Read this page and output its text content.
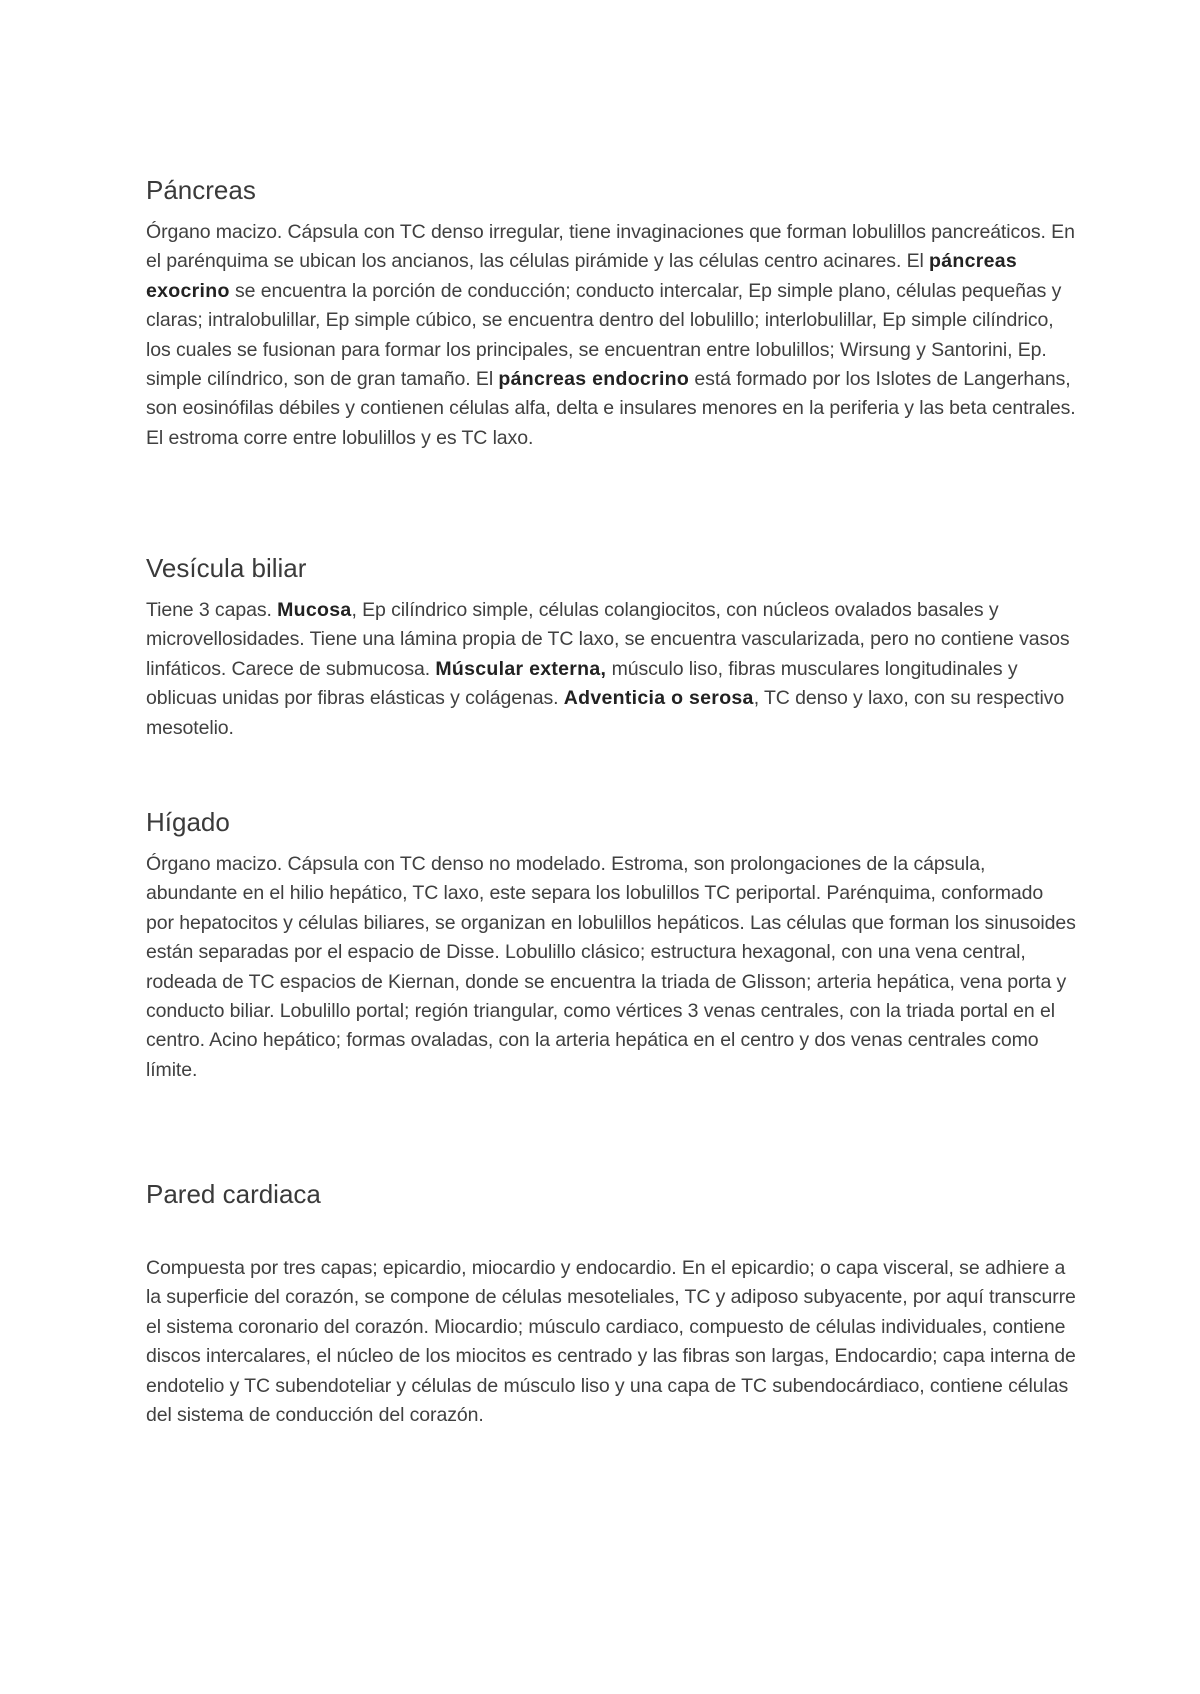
Páncreas

Órgano macizo. Cápsula con TC denso irregular, tiene invaginaciones que forman lobulillos pancreáticos. En el parénquima se ubican los ancianos, las células pirámide y las células centro acinares. El páncreas exocrino se encuentra la porción de conducción; conducto intercalar, Ep simple plano, células pequeñas y claras; intralobulillar, Ep simple cúbico, se encuentra dentro del lobulillo; interlobulillar, Ep simple cilíndrico, los cuales se fusionan para formar los principales, se encuentran entre lobulillos; Wirsung y Santorini, Ep. simple cilíndrico, son de gran tamaño. El páncreas endocrino está formado por los Islotes de Langerhans, son eosinófilas débiles y contienen células alfa, delta e insulares menores en la periferia y las beta centrales. El estroma corre entre lobulillos y es TC laxo.

Vesícula biliar

Tiene 3 capas. Mucosa, Ep cilíndrico simple, células colangiocitos, con núcleos ovalados basales y microvellosidades. Tiene una lámina propia de TC laxo, se encuentra vascularizada, pero no contiene vasos linfáticos. Carece de submucosa. Múscular externa, músculo liso, fibras musculares longitudinales y oblicuas unidas por fibras elásticas y colágenas. Adventicia o serosa, TC denso y laxo, con su respectivo mesotelio.

Hígado

Órgano macizo. Cápsula con TC denso no modelado. Estroma, son prolongaciones de la cápsula, abundante en el hilio hepático, TC laxo, este separa los lobulillos TC periportal. Parénquima, conformado por hepatocitos y células biliares, se organizan en lobulillos hepáticos. Las células que forman los sinusoides están separadas por el espacio de Disse. Lobulillo clásico; estructura hexagonal, con una vena central, rodeada de TC espacios de Kiernan, donde se encuentra la triada de Glisson; arteria hepática, vena porta y conducto biliar. Lobulillo portal; región triangular, como vértices 3 venas centrales, con la triada portal en el centro. Acino hepático; formas ovaladas, con la arteria hepática en el centro y dos venas centrales como límite.

Pared cardiaca

Compuesta por tres capas; epicardio, miocardio y endocardio. En el epicardio; o capa visceral, se adhiere a la superficie del corazón, se compone de células mesoteliales, TC y adiposo subyacente, por aquí transcurre el sistema coronario del corazón. Miocardio; músculo cardiaco, compuesto de células individuales, contiene discos intercalares, el núcleo de los miocitos es centrado y las fibras son largas, Endocardio; capa interna de endotelio y TC subendoteliar y células de músculo liso y una capa de TC subendocárdiaco, contiene células del sistema de conducción del corazón.
